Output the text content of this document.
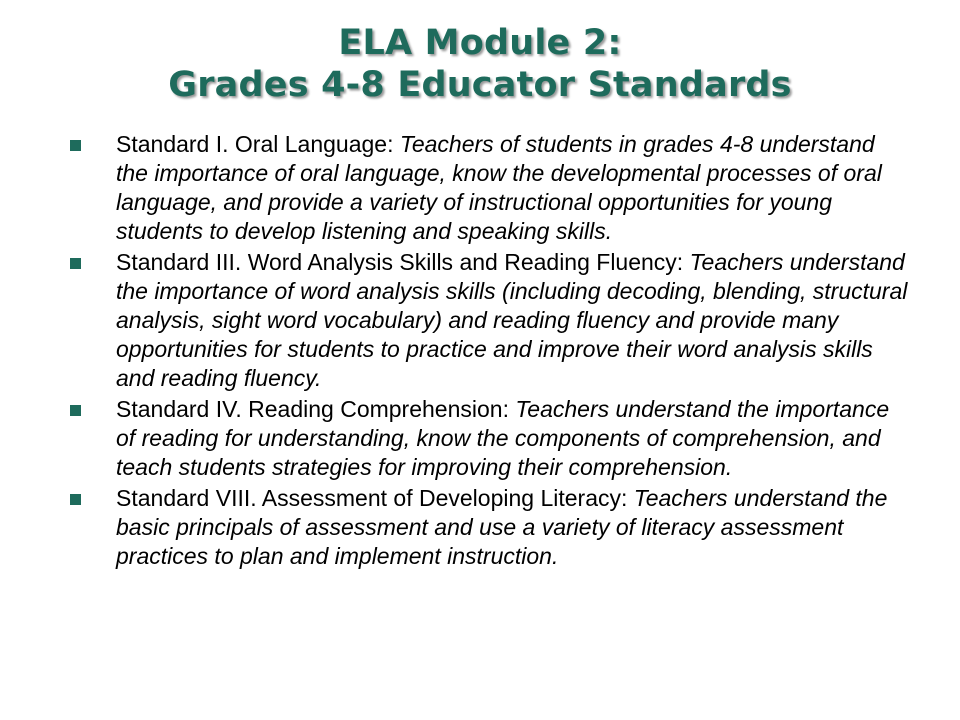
ELA Module 2:
Grades 4-8 Educator Standards
Standard I. Oral Language: Teachers of students in grades 4-8 understand the importance of oral language, know the developmental processes of oral language, and provide a variety of instructional opportunities for young students to develop listening and speaking skills.
Standard III. Word Analysis Skills and Reading Fluency: Teachers understand the importance of word analysis skills (including decoding, blending, structural analysis, sight word vocabulary) and reading fluency and provide many opportunities for students to practice and improve their word analysis skills and reading fluency.
Standard IV. Reading Comprehension: Teachers understand the importance of reading for understanding, know the components of comprehension, and teach students strategies for improving their comprehension.
Standard VIII. Assessment of Developing Literacy: Teachers understand the basic principals of assessment and use a variety of literacy assessment practices to plan and implement instruction.
